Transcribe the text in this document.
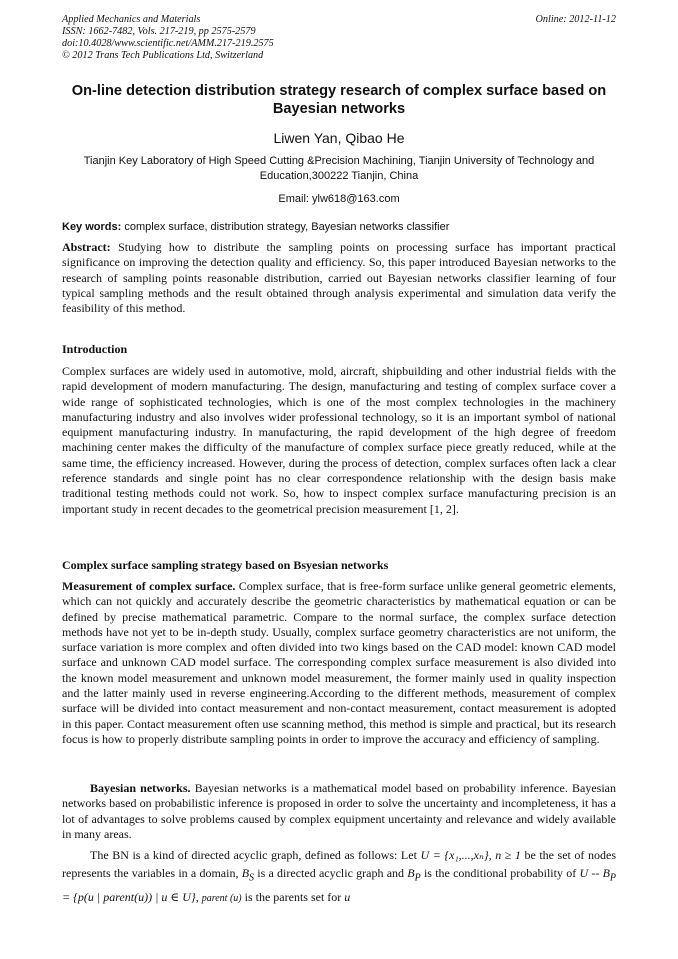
Applied Mechanics and Materials
ISSN: 1662-7482, Vols. 217-219, pp 2575-2579
doi:10.4028/www.scientific.net/AMM.217-219.2575
© 2012 Trans Tech Publications Ltd, Switzerland
Online: 2012-11-12
On-line detection distribution strategy research of complex surface based on Bayesian networks
Liwen Yan, Qibao He
Tianjin Key Laboratory of High Speed Cutting &Precision Machining, Tianjin University of Technology and Education,300222 Tianjin, China
Email: ylw618@163.com
Key words: complex surface, distribution strategy, Bayesian networks classifier
Abstract: Studying how to distribute the sampling points on processing surface has important practical significance on improving the detection quality and efficiency. So, this paper introduced Bayesian networks to the research of sampling points reasonable distribution, carried out Bayesian networks classifier learning of four typical sampling methods and the result obtained through analysis experimental and simulation data verify the feasibility of this method.
Introduction
Complex surfaces are widely used in automotive, mold, aircraft, shipbuilding and other industrial fields with the rapid development of modern manufacturing. The design, manufacturing and testing of complex surface cover a wide range of sophisticated technologies, which is one of the most complex technologies in the machinery manufacturing industry and also involves wider professional technology, so it is an important symbol of national equipment manufacturing industry. In manufacturing, the rapid development of the high degree of freedom machining center makes the difficulty of the manufacture of complex surface piece greatly reduced, while at the same time, the efficiency increased. However, during the process of detection, complex surfaces often lack a clear reference standards and single point has no clear correspondence relationship with the design basis make traditional testing methods could not work. So, how to inspect complex surface manufacturing precision is an important study in recent decades to the geometrical precision measurement [1, 2].
Complex surface sampling strategy based on Bsyesian networks
Measurement of complex surface. Complex surface, that is free-form surface unlike general geometric elements, which can not quickly and accurately describe the geometric characteristics by mathematical equation or can be defined by precise mathematical parametric. Compare to the normal surface, the complex surface detection methods have not yet to be in-depth study. Usually, complex surface geometry characteristics are not uniform, the surface variation is more complex and often divided into two kings based on the CAD model: known CAD model surface and unknown CAD model surface. The corresponding complex surface measurement is also divided into the known model measurement and unknown model measurement, the former mainly used in quality inspection and the latter mainly used in reverse engineering.According to the different methods, measurement of complex surface will be divided into contact measurement and non-contact measurement, contact measurement is adopted in this paper. Contact measurement often use scanning method, this method is simple and practical, but its research focus is how to properly distribute sampling points in order to improve the accuracy and efficiency of sampling.
Bayesian networks. Bayesian networks is a mathematical model based on probability inference. Bayesian networks based on probabilistic inference is proposed in order to solve the uncertainty and incompleteness, it has a lot of advantages to solve problems caused by complex equipment uncertainty and relevance and widely available in many areas.
The BN is a kind of directed acyclic graph, defined as follows: Let U = {x₁,...,xₙ}, n ≥ 1 be the set of nodes represents the variables in a domain, $B_S$ is a directed acyclic graph and $B_P$ is the conditional probability of $U -- B_P = \{p(u$ | parent(u)) | u ∈ U}, parent (u) is the parents set for u
